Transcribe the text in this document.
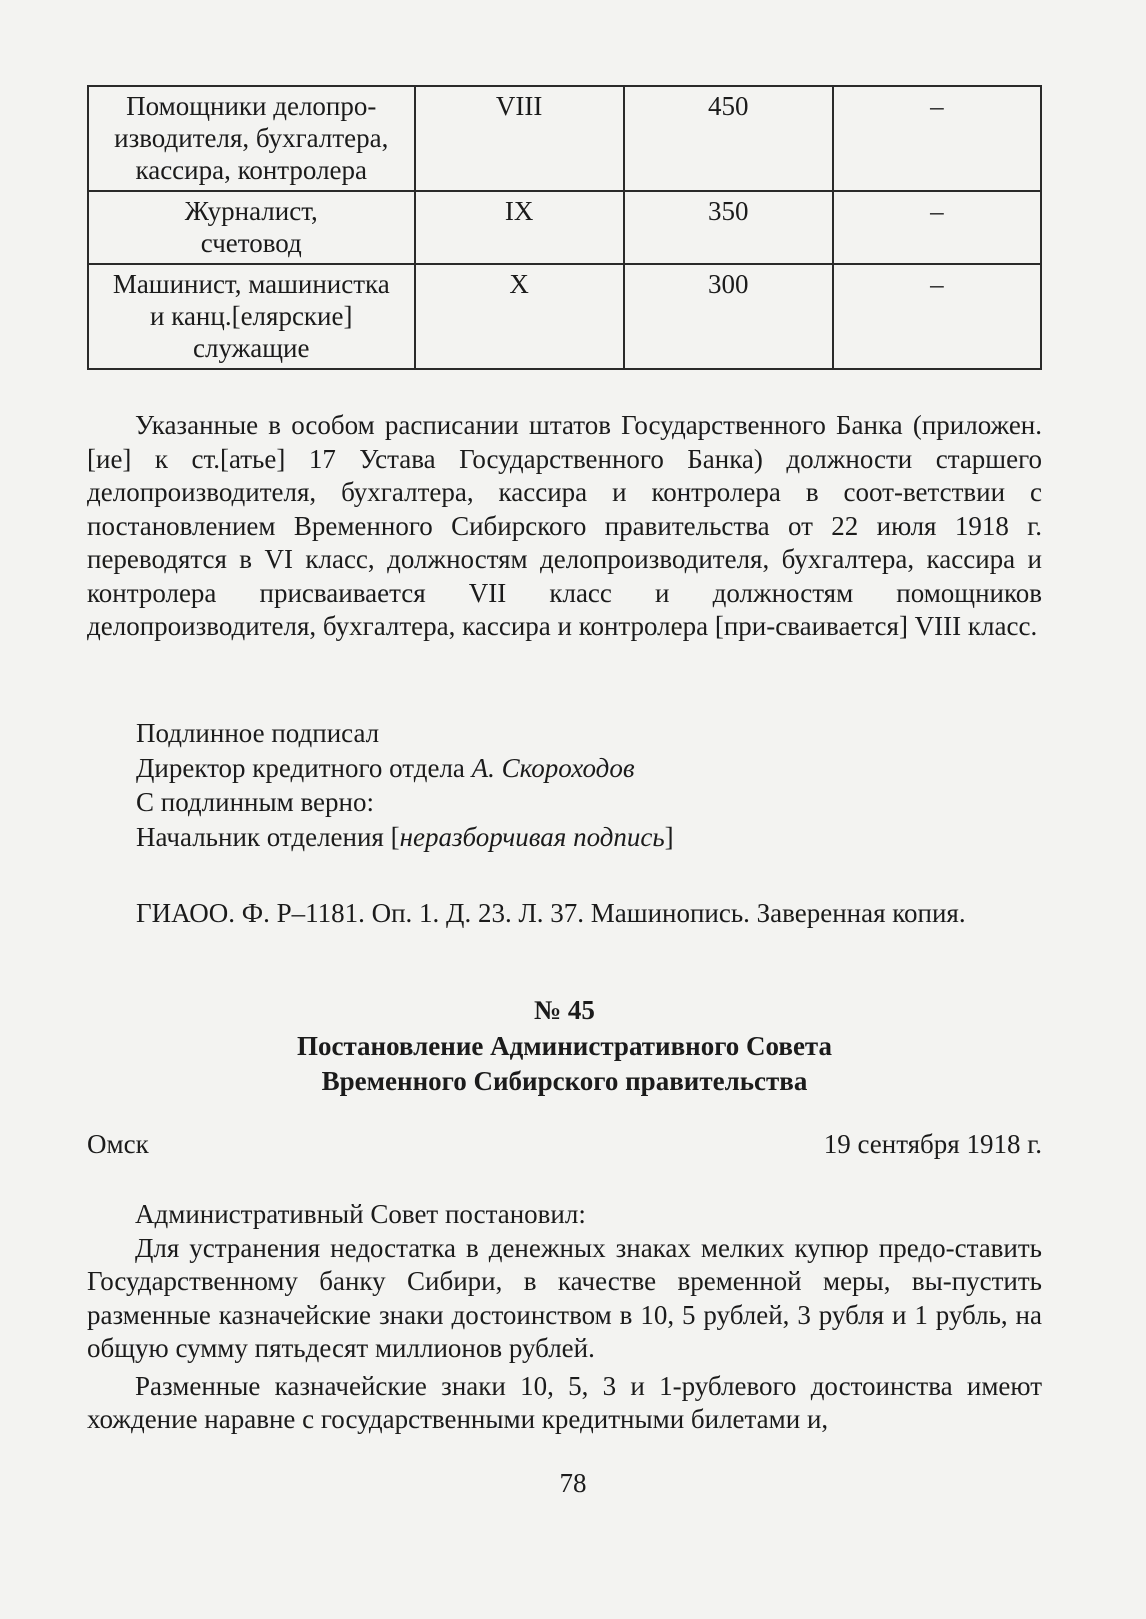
Помощники делопро-
изводителя, бухгалтера,
кассира, контролера	VIII	450	–
Журналист,
счетовод	IX	350	–
Машинист, машинистка
и канц.[елярские]
служащие	X	300	–

Указанные в особом расписании штатов Государственного Банка (приложен.[ие] к ст.[атье] 17 Устава Государственного Банка) должности старшего делопроизводителя, бухгалтера, кассира и контролера в соот-ветствии с постановлением Временного Сибирского правительства от 22 июля 1918 г. переводятся в VI класс, должностям делопроизводителя, бухгалтера, кассира и контролера присваивается VII класс и должностям помощников делопроизводителя, бухгалтера, кассира и контролера [при-сваивается] VIII класс.

Подлинное подписал
Директор кредитного отдела А. Скороходов
С подлинным верно:
Начальник отделения [неразборчивая подпись]
ГИАОО. Ф. Р–1181. Оп. 1. Д. 23. Л. 37. Машинопись. Заверенная копия.
№ 45
Постановление Административного Совета
Временного Сибирского правительства
Омск	19 сентября 1918 г.

Административный Совет постановил:

Для устранения недостатка в денежных знаках мелких купюр предо-ставить Государственному банку Сибири, в качестве временной меры, вы-пустить разменные казначейские знаки достоинством в 10, 5 рублей, 3 рубля и 1 рубль, на общую сумму пятьдесят миллионов рублей.

Разменные казначейские знаки 10, 5, 3 и 1-рублевого достоинства имеют хождение наравне с государственными кредитными билетами и,

78
